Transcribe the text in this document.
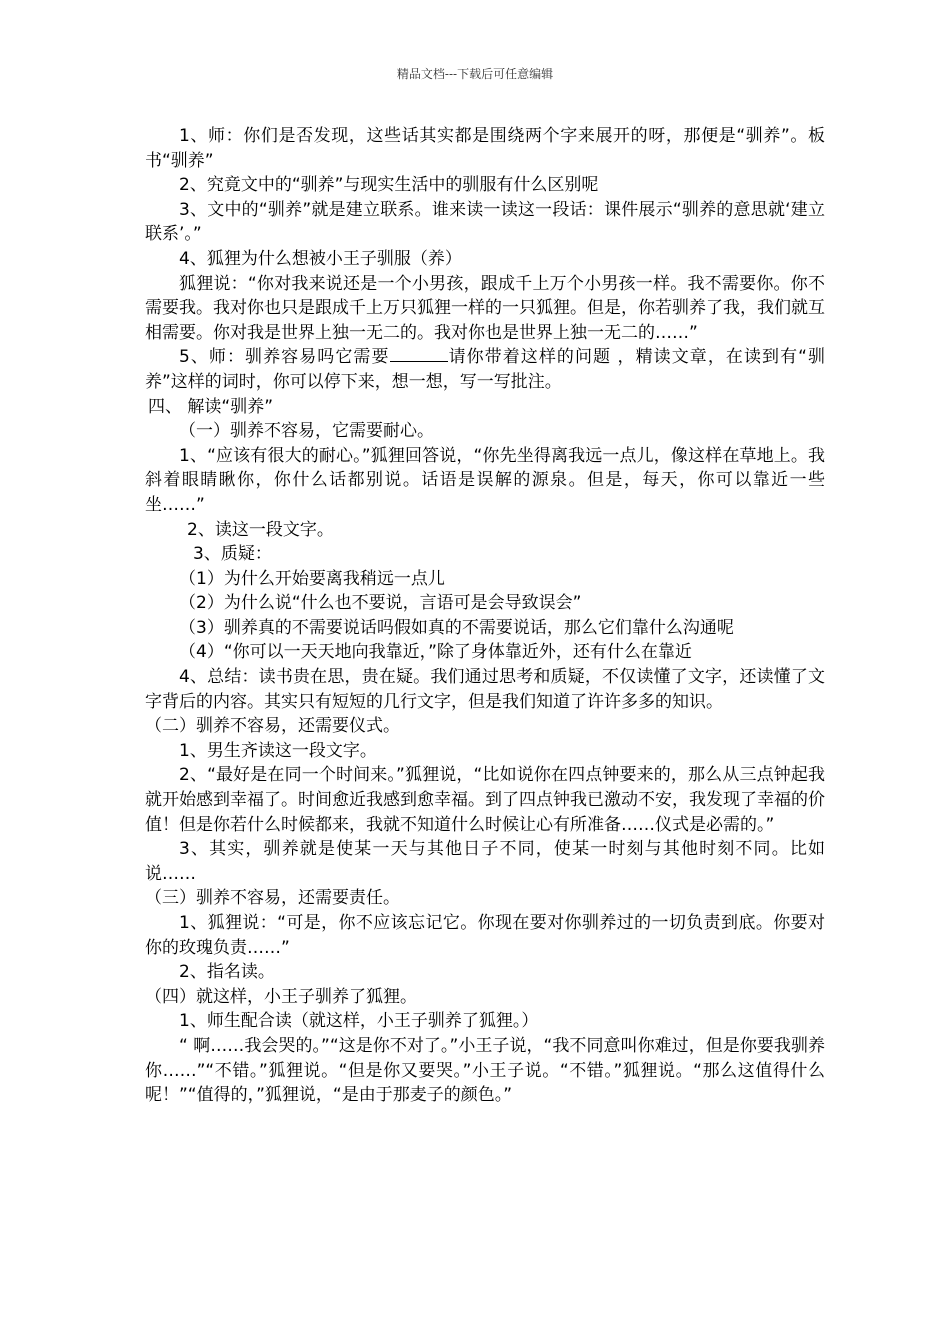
精品文档---下载后可任意编辑

1、师：你们是否发现，这些话其实都是围绕两个字来展开的呀，那便是“驯养”。板书“驯养”

2、究竟文中的“驯养”与现实生活中的驯服有什么区别呢

3、文中的“驯养”就是建立联系。谁来读一读这一段话：课件展示“驯养的意思就‘建立联系’。”

4、狐狸为什么想被小王子驯服（养）

狐狸说：“你对我来说还是一个小男孩，跟成千上万个小男孩一样。我不需要你。你不需要我。我对你也只是跟成千上万只狐狸一样的一只狐狸。但是，你若驯养了我，我们就互相需要。你对我是世界上独一无二的。我对你也是世界上独一无二的……”

5、师：驯养容易吗它需要	请你带着这样的问题 ，精读文章，在读到有“驯养”这样的词时，你可以停下来，想一想，写一写批注。

四、 解读“驯养”

（一）驯养不容易，它需要耐心。

1、“应该有很大的耐心。”狐狸回答说，“你先坐得离我远一点儿，像这样在草地上。我斜着眼睛瞅你，你什么话都别说。话语是误解的源泉。但是，每天，你可以靠近一些坐……”

2、读这一段文字。

3、质疑：

（1）为什么开始要离我稍远一点儿

（2）为什么说“什么也不要说，言语可是会导致误会”

（3）驯养真的不需要说话吗假如真的不需要说话，那么它们靠什么沟通呢

（4）“你可以一天天地向我靠近，”除了身体靠近外，还有什么在靠近

4、总结：读书贵在思，贵在疑。我们通过思考和质疑，不仅读懂了文字，还读懂了文字背后的内容。其实只有短短的几行文字，但是我们知道了许许多多的知识。

（二）驯养不容易，还需要仪式。

1、男生齐读这一段文字。

2、“最好是在同一个时间来。”狐狸说，“比如说你在四点钟要来的，那么从三点钟起我就开始感到幸福了。时间愈近我感到愈幸福。到了四点钟我已激动不安，我发现了幸福的价值！但是你若什么时候都来，我就不知道什么时候让心有所准备……仪式是必需的。”

3、其实，驯养就是使某一天与其他日子不同，使某一时刻与其他时刻不同。比如说……

（三）驯养不容易，还需要责任。

1、狐狸说：“可是，你不应该忘记它。你现在要对你驯养过的一切负责到底。你要对你的玫瑰负责……”

2、指名读。

（四）就这样，小王子驯养了狐狸。

1、师生配合读（就这样，小王子驯养了狐狸。）

“ 啊……我会哭的。”“这是你不对了。”小王子说，“我不同意叫你难过，但是你要我驯养你……”“不错。”狐狸说。“但是你又要哭。”小王子说。“不错。”狐狸说。“那么这值得什么呢！”“值得的，”狐狸说，“是由于那麦子的颜色。”
